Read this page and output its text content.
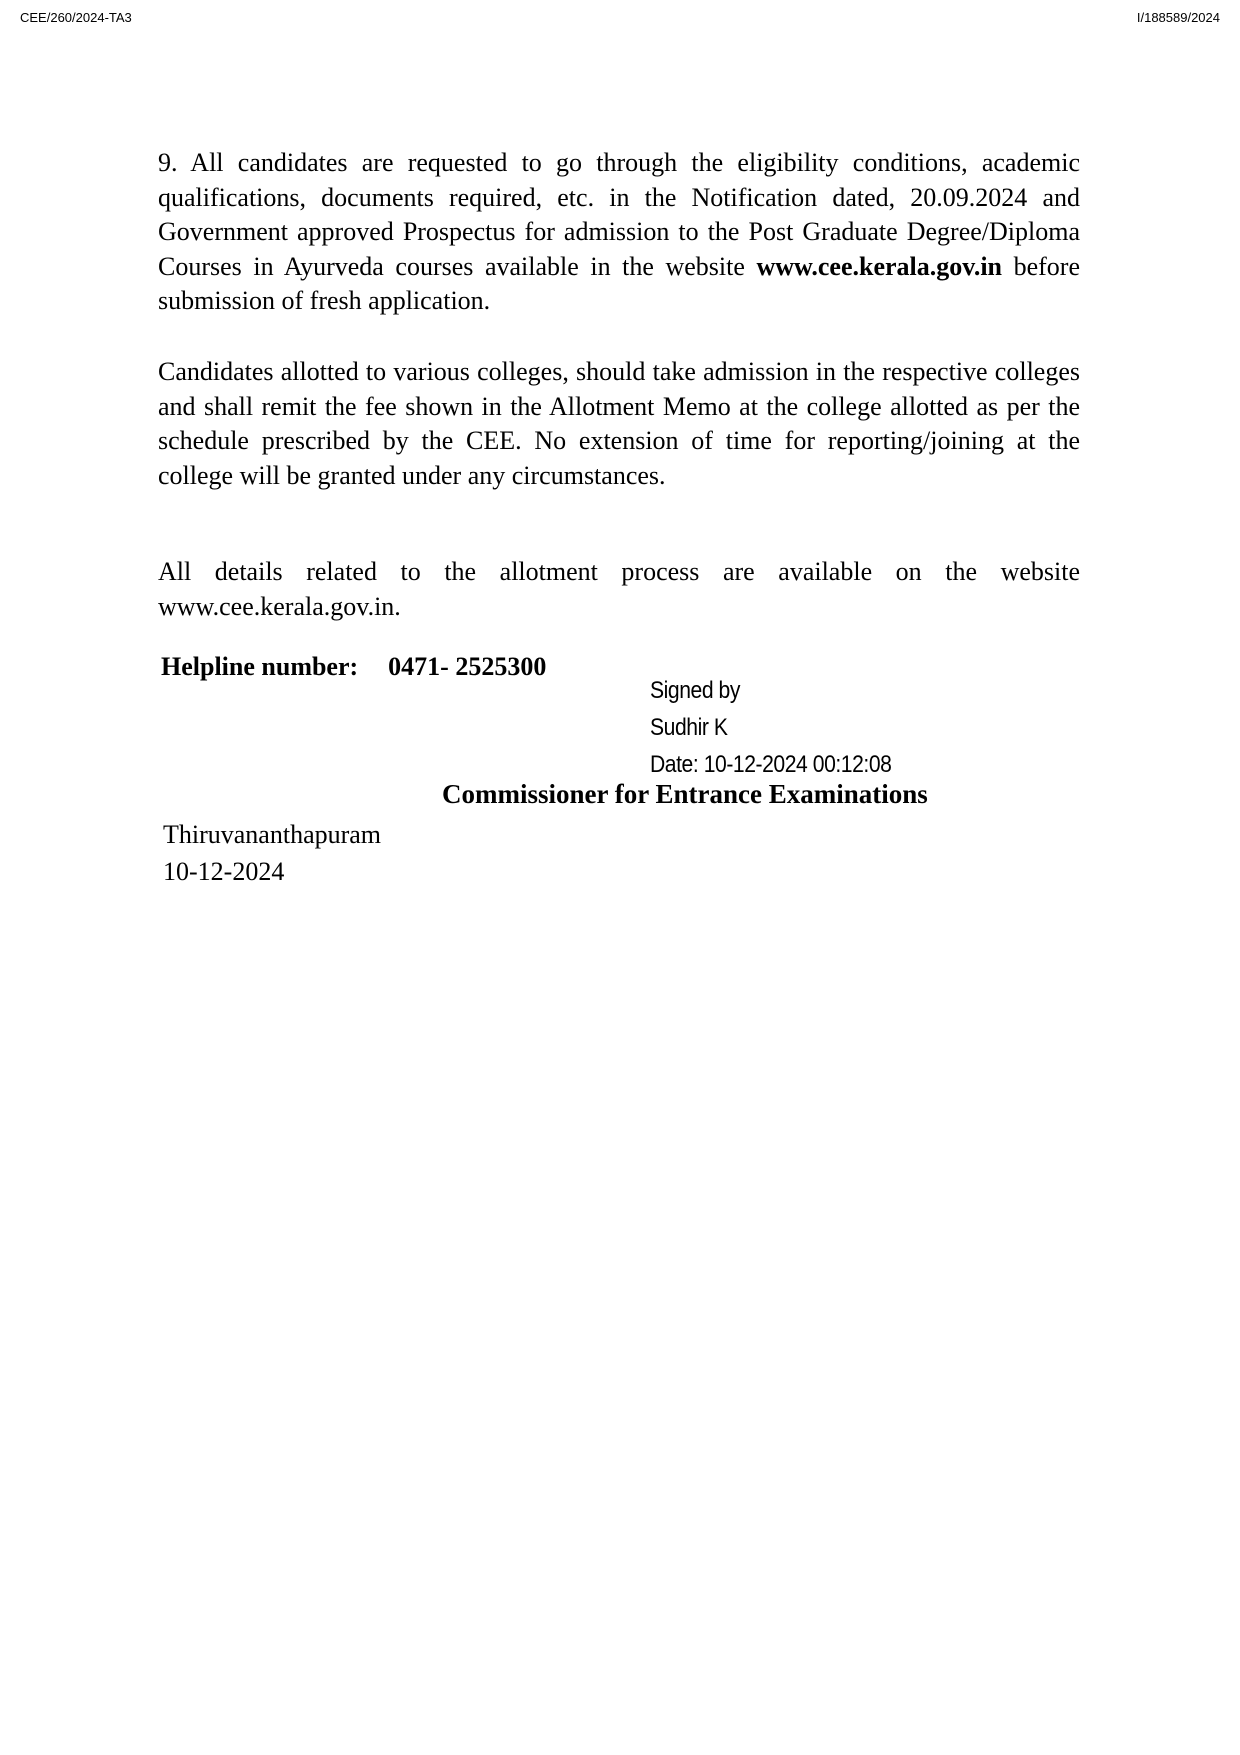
CEE/260/2024-TA3	I/188589/2024

9. All candidates are requested to go through the eligibility conditions, academic qualifications, documents required, etc. in the Notification dated, 20.09.2024 and Government approved Prospectus for admission to the Post Graduate Degree/Diploma Courses in Ayurveda courses available in the website www.cee.kerala.gov.in before submission of fresh application.

Candidates allotted to various colleges, should take admission in the respective colleges and shall remit the fee shown in the Allotment Memo at the college allotted as per the schedule prescribed by the CEE. No extension of time for reporting/joining at the college will be granted under any circumstances.

All details related to the allotment process are available on the website www.cee.kerala.gov.in.

Helpline number: 0471- 2525300
Signed by
Sudhir K
Date: 10-12-2024 00:12:08
Commissioner for Entrance Examinations
Thiruvananthapuram
10-12-2024
